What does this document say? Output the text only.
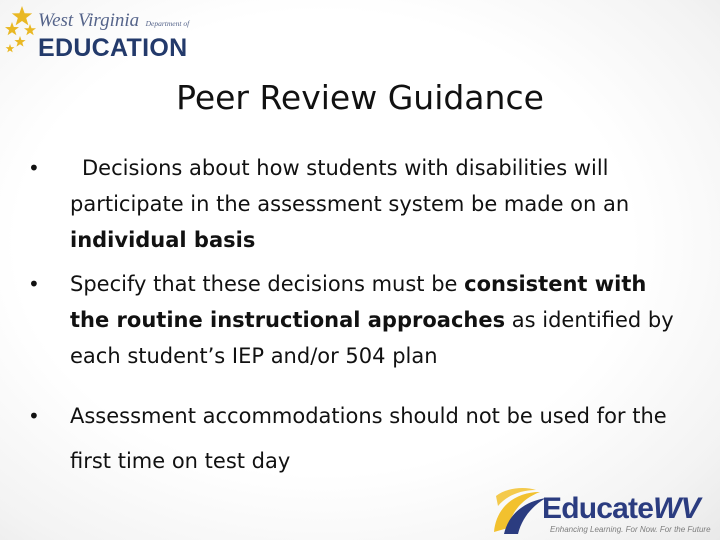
West Virginia Department of
EDUCATION
Peer Review Guidance
• Decisions about how students with disabilities will participate in the assessment system be made on an individual basis
• Specify that these decisions must be consistent with the routine instructional approaches as identified by each student’s IEP and/or 504 plan
• Assessment accommodations should not be used for the first time on test day
EducateWV
Enhancing Learning. For Now. For the Future
